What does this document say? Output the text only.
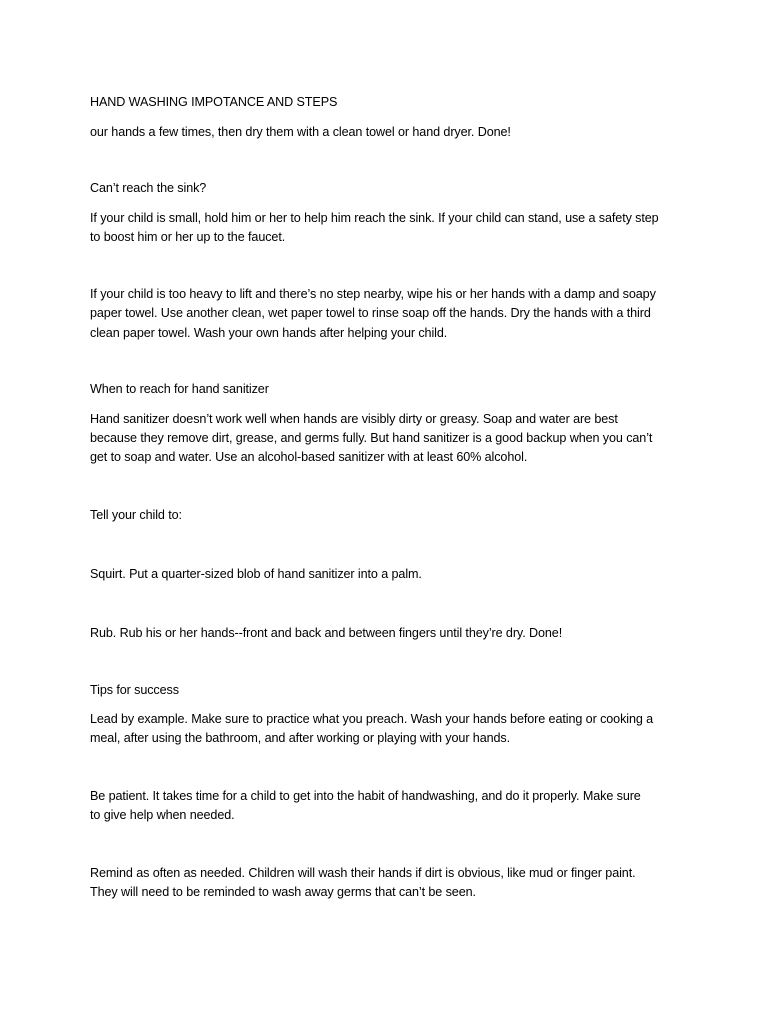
HAND WASHING IMPOTANCE AND STEPS
our hands a few times, then dry them with a clean towel or hand dryer. Done!
Can’t reach the sink?
If your child is small, hold him or her to help him reach the sink. If your child can stand, use a safety step
to boost him or her up to the faucet.
If your child is too heavy to lift and there’s no step nearby, wipe his or her hands with a damp and soapy
paper towel. Use another clean, wet paper towel to rinse soap off the hands. Dry the hands with a third
clean paper towel. Wash your own hands after helping your child.
When to reach for hand sanitizer
Hand sanitizer doesn’t work well when hands are visibly dirty or greasy. Soap and water are best
because they remove dirt, grease, and germs fully. But hand sanitizer is a good backup when you can’t
get to soap and water. Use an alcohol-based sanitizer with at least 60% alcohol.
Tell your child to:
Squirt. Put a quarter-sized blob of hand sanitizer into a palm.
Rub. Rub his or her hands--front and back and between fingers until they’re dry. Done!
Tips for success
Lead by example. Make sure to practice what you preach. Wash your hands before eating or cooking a
meal, after using the bathroom, and after working or playing with your hands.
Be patient. It takes time for a child to get into the habit of handwashing, and do it properly. Make sure
to give help when needed.
Remind as often as needed. Children will wash their hands if dirt is obvious, like mud or finger paint.
They will need to be reminded to wash away germs that can’t be seen.
